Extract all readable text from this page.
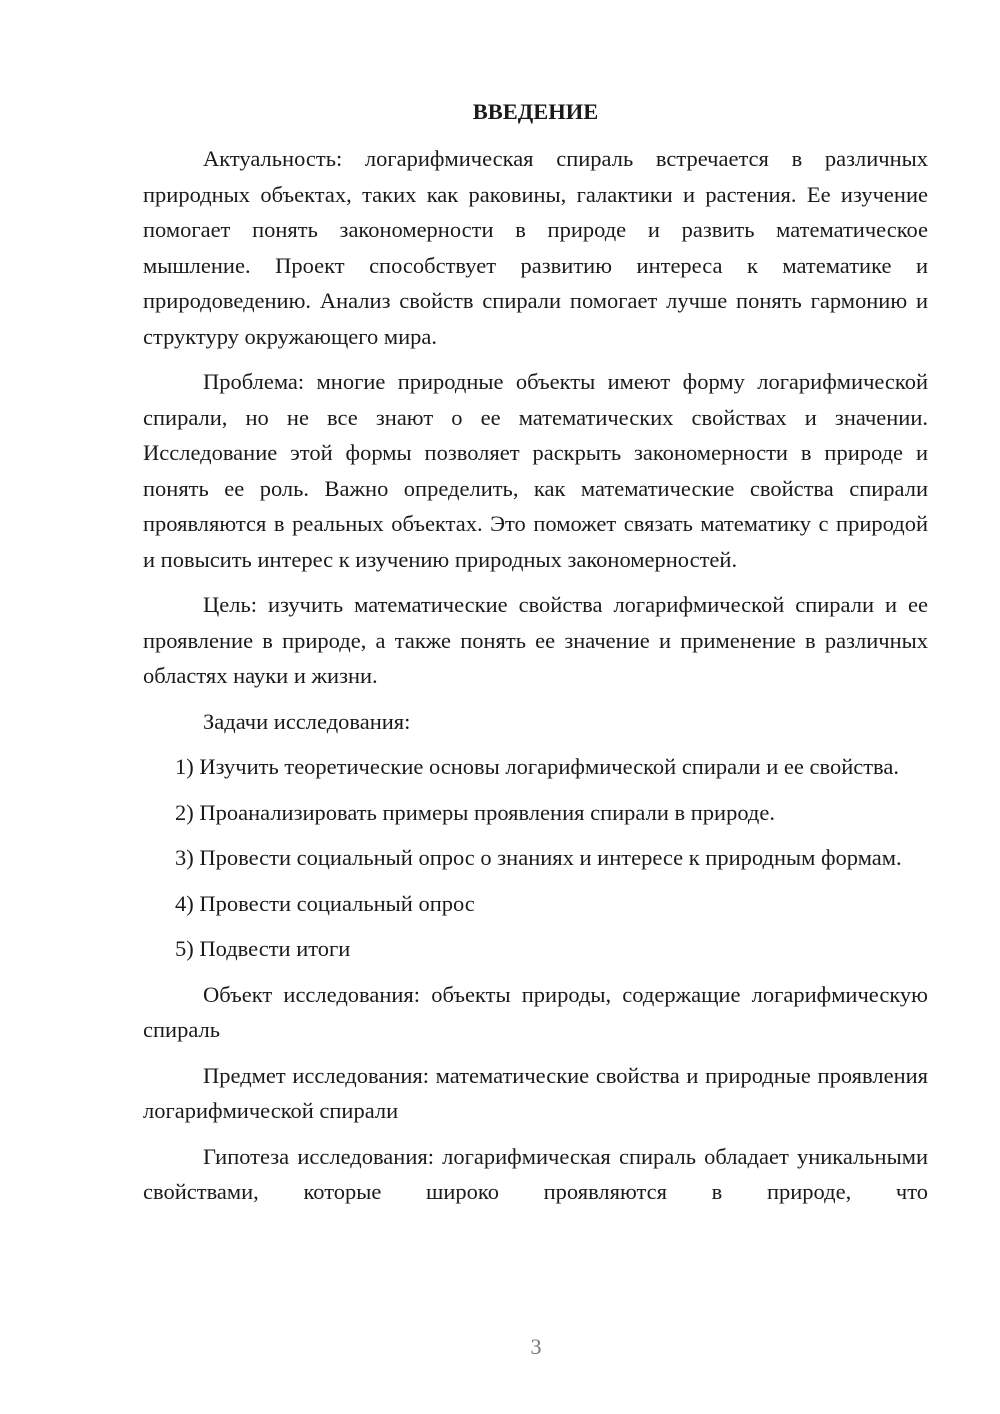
ВВЕДЕНИЕ

Актуальность: логарифмическая спираль встречается в различных природных объектах, таких как раковины, галактики и растения. Ее изучение помогает понять закономерности в природе и развить математическое мышление. Проект способствует развитию интереса к математике и природоведению. Анализ свойств спирали помогает лучше понять гармонию и структуру окружающего мира.

Проблема: многие природные объекты имеют форму логарифмической спирали, но не все знают о ее математических свойствах и значении. Исследование этой формы позволяет раскрыть закономерности в природе и понять ее роль. Важно определить, как математические свойства спирали проявляются в реальных объектах. Это поможет связать математику с природой и повысить интерес к изучению природных закономерностей.

Цель: изучить математические свойства логарифмической спирали и ее проявление в природе, а также понять ее значение и применение в различных областях науки и жизни.

Задачи исследования:

1) Изучить теоретические основы логарифмической спирали и ее свойства.

2) Проанализировать примеры проявления спирали в природе.

3) Провести социальный опрос о знаниях и интересе к природным формам.

4) Провести социальный опрос

5) Подвести итоги

Объект исследования: объекты природы, содержащие логарифмическую спираль

Предмет исследования: математические свойства и природные проявления логарифмической спирали

Гипотеза исследования: логарифмическая спираль обладает уникальными свойствами, которые широко проявляются в природе, что

3
